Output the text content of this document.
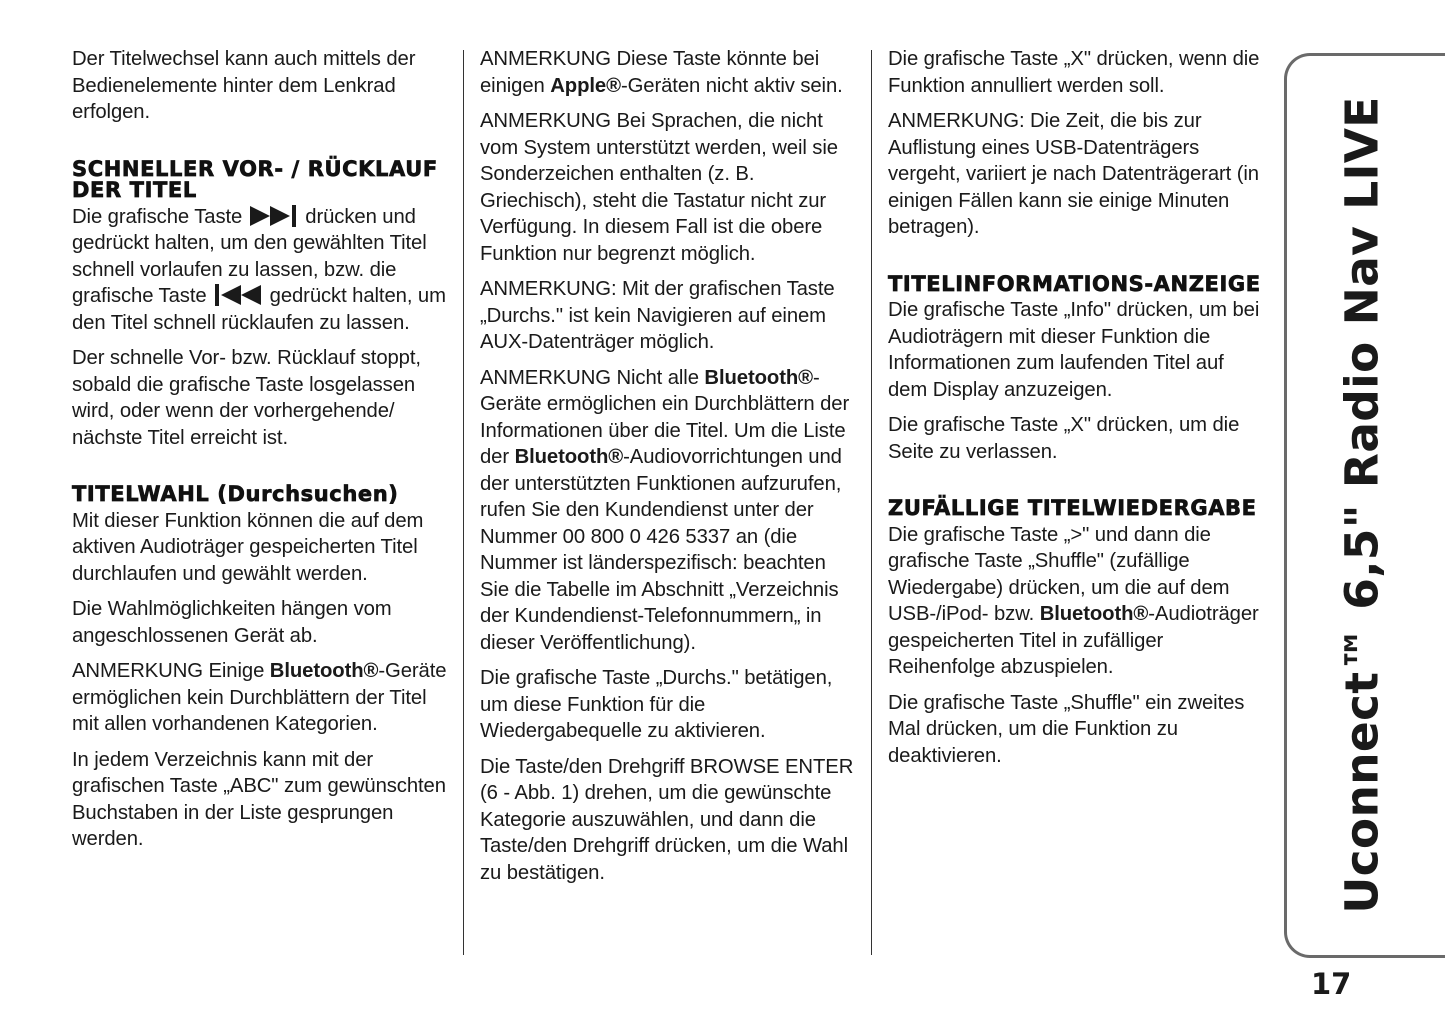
Der Titelwechsel kann auch mittels der Bedienelemente hinter dem Lenkrad erfolgen.

SCHNELLER VOR- / RÜCKLAUF DER TITEL

Die grafische Taste	drücken und gedrückt halten, um den gewählten Titel schnell vorlaufen zu lassen, bzw. die grafische Taste	gedrückt halten, um den Titel schnell rücklaufen zu lassen.

Der schnelle Vor- bzw. Rücklauf stoppt, sobald die grafische Taste losgelassen wird, oder wenn der vorhergehende/ nächste Titel erreicht ist.

TITELWAHL (Durchsuchen)

Mit dieser Funktion können die auf dem aktiven Audioträger gespeicherten Titel durchlaufen und gewählt werden.

Die Wahlmöglichkeiten hängen vom angeschlossenen Gerät ab.

ANMERKUNG Einige Bluetooth®-Geräte ermöglichen kein Durchblättern der Titel mit allen vorhandenen Kategorien.

In jedem Verzeichnis kann mit der grafischen Taste „ABC" zum gewünschten Buchstaben in der Liste gesprungen werden.

ANMERKUNG Diese Taste könnte bei einigen Apple®-Geräten nicht aktiv sein.

ANMERKUNG Bei Sprachen, die nicht vom System unterstützt werden, weil sie Sonderzeichen enthalten (z. B. Griechisch), steht die Tastatur nicht zur Verfügung. In diesem Fall ist die obere Funktion nur begrenzt möglich.

ANMERKUNG: Mit der grafischen Taste „Durchs." ist kein Navigieren auf einem AUX-Datenträger möglich.

ANMERKUNG Nicht alle Bluetooth®-Geräte ermöglichen ein Durchblättern der Informationen über die Titel. Um die Liste der Bluetooth®-Audiovorrichtungen und der unterstützten Funktionen aufzurufen, rufen Sie den Kundendienst unter der Nummer 00 800 0 426 5337 an (die Nummer ist länderspezifisch: beachten Sie die Tabelle im Abschnitt „Verzeichnis der Kundendienst-Telefonnummern„ in dieser Veröffentlichung).

Die grafische Taste „Durchs." betätigen, um diese Funktion für die Wiedergabequelle zu aktivieren.

Die Taste/den Drehgriff BROWSE ENTER (6 - Abb. 1) drehen, um die gewünschte Kategorie auszuwählen, und dann die Taste/den Drehgriff drücken, um die Wahl zu bestätigen.

Die grafische Taste „X" drücken, wenn die Funktion annulliert werden soll.

ANMERKUNG: Die Zeit, die bis zur Auflistung eines USB-Datenträgers vergeht, variiert je nach Datenträgerart (in einigen Fällen kann sie einige Minuten betragen).

TITELINFORMATIONS-ANZEIGE

Die grafische Taste „Info" drücken, um bei Audioträgern mit dieser Funktion die Informationen zum laufenden Titel auf dem Display anzuzeigen.

Die grafische Taste „X" drücken, um die Seite zu verlassen.

ZUFÄLLIGE TITELWIEDERGABE

Die grafische Taste „>" und dann die grafische Taste „Shuffle" (zufällige Wiedergabe) drücken, um die auf dem USB-/iPod- bzw. Bluetooth®-Audioträger gespeicherten Titel in zufälliger Reihenfolge abzuspielen.

Die grafische Taste „Shuffle" ein zweites Mal drücken, um die Funktion zu deaktivieren.	Uconnect™ 6,5" Radio Nav LIVE
17
